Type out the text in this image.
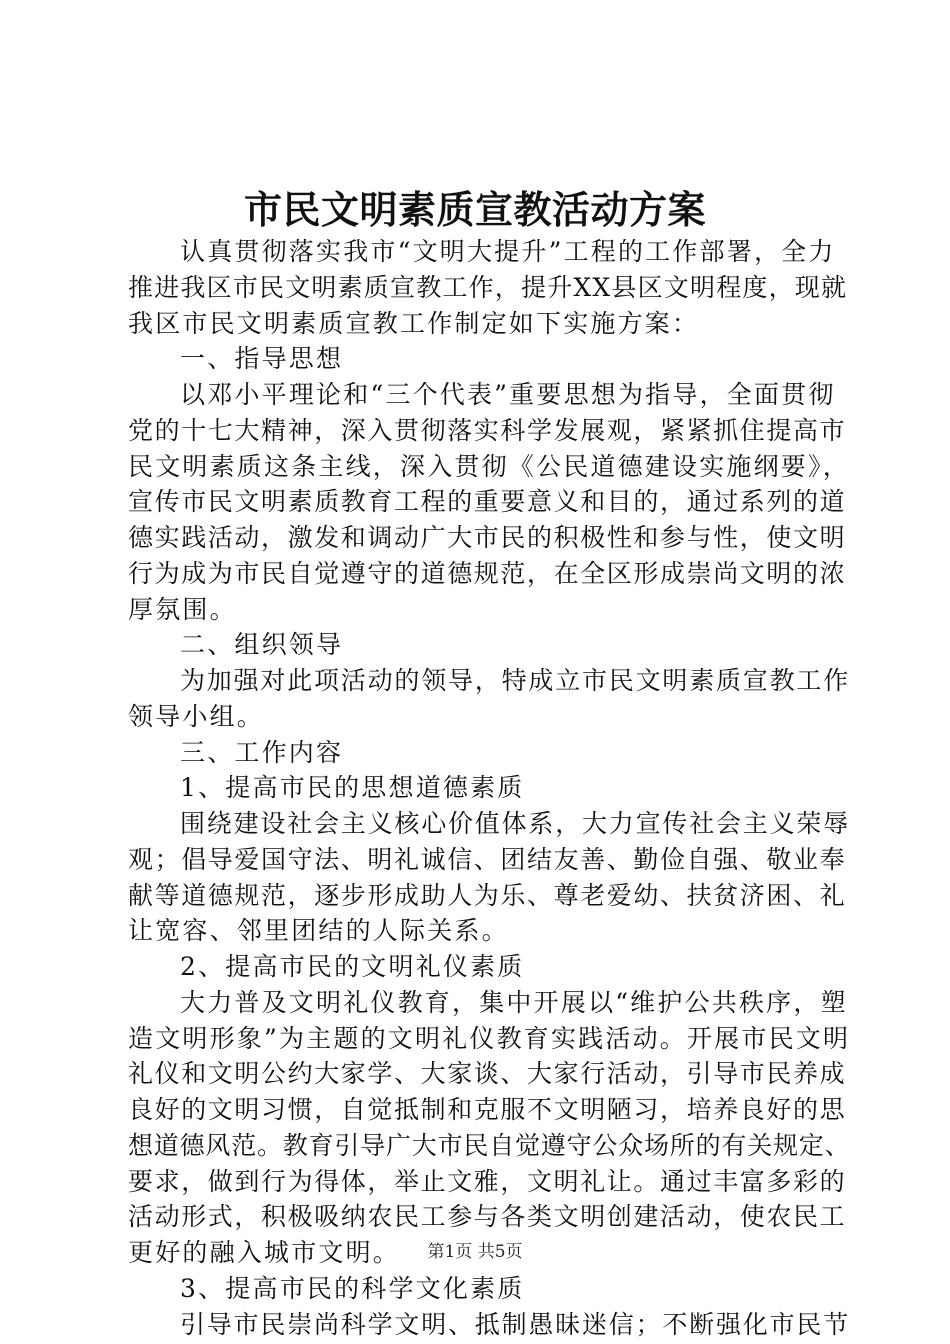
市民文明素质宣教活动方案
认真贯彻落实我市“文明大提升”工程的工作部署，全力
推进我区市民文明素质宣教工作，提升XX县区文明程度，现就
我区市民文明素质宣教工作制定如下实施方案：
一、指导思想
以邓小平理论和“三个代表”重要思想为指导，全面贯彻
党的十七大精神，深入贯彻落实科学发展观，紧紧抓住提高市
民文明素质这条主线，深入贯彻《公民道德建设实施纲要》，
宣传市民文明素质教育工程的重要意义和目的，通过系列的道
德实践活动，激发和调动广大市民的积极性和参与性，使文明
行为成为市民自觉遵守的道德规范，在全区形成崇尚文明的浓
厚氛围。
二、组织领导
为加强对此项活动的领导，特成立市民文明素质宣教工作
领导小组。
三、工作内容
1、提高市民的思想道德素质
围绕建设社会主义核心价值体系，大力宣传社会主义荣辱
观；倡导爱国守法、明礼诚信、团结友善、勤俭自强、敬业奉
献等道德规范，逐步形成助人为乐、尊老爱幼、扶贫济困、礼
让宽容、邻里团结的人际关系。
2、提高市民的文明礼仪素质
大力普及文明礼仪教育，集中开展以“维护公共秩序，塑
造文明形象”为主题的文明礼仪教育实践活动。开展市民文明
礼仪和文明公约大家学、大家谈、大家行活动，引导市民养成
良好的文明习惯，自觉抵制和克服不文明陋习，培养良好的思
想道德风范。教育引导广大市民自觉遵守公众场所的有关规定、
要求，做到行为得体，举止文雅，文明礼让。通过丰富多彩的
活动形式，积极吸纳农民工参与各类文明创建活动，使农民工
更好的融入城市文明。
3、提高市民的科学文化素质
引导市民崇尚科学文明、抵制愚昧迷信；不断强化市民节
第1页 共5页
